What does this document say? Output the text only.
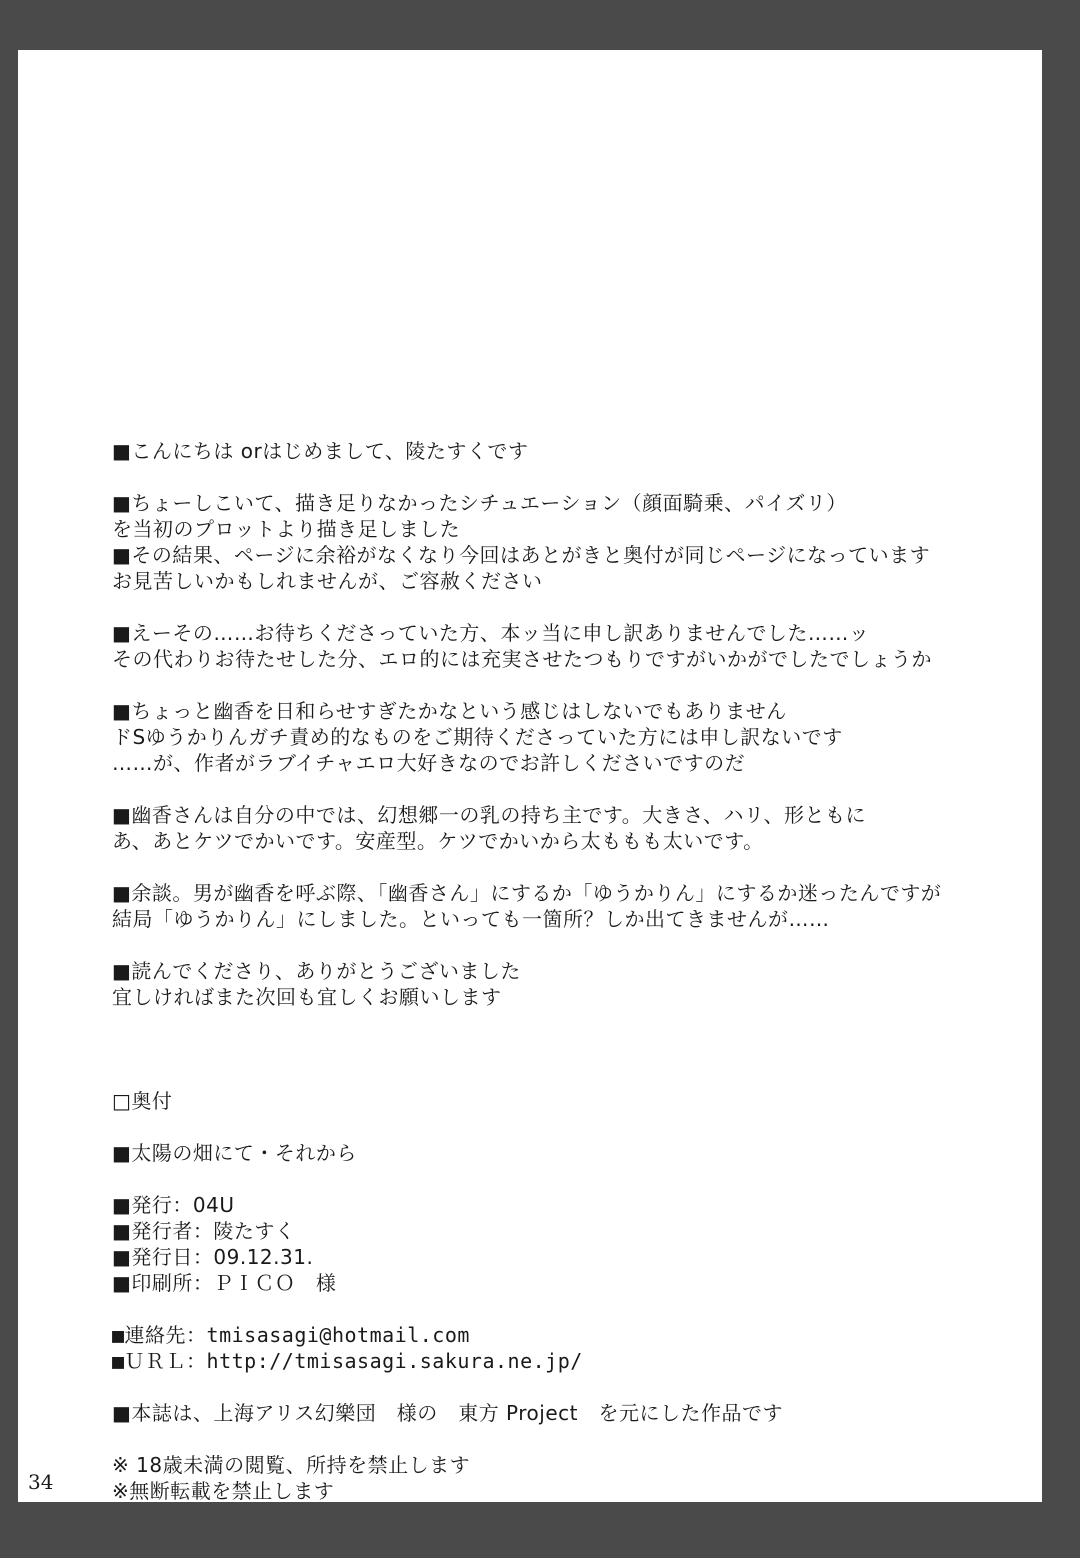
■こんにちは orはじめまして、陵たすくです
■ちょーしこいて、描き足りなかったシチュエーション（顔面騎乗、パイズリ）
を当初のプロットより描き足しました
■その結果、ページに余裕がなくなり今回はあとがきと奥付が同じページになっています
お見苦しいかもしれませんが、ご容赦ください
■えーその……お待ちくださっていた方、本ッ当に申し訳ありませんでした……ッ
その代わりお待たせした分、エロ的には充実させたつもりですがいかがでしたでしょうか
■ちょっと幽香を日和らせすぎたかなという感じはしないでもありません
ドSゆうかりんガチ責め的なものをご期待くださっていた方には申し訳ないです
……が、作者がラブイチャエロ大好きなのでお許しくださいですのだ
■幽香さんは自分の中では、幻想郷一の乳の持ち主です。大きさ、ハリ、形ともに
あ、あとケツでかいです。安産型。ケツでかいから太ももも太いです。
■余談。男が幽香を呼ぶ際、「幽香さん」にするか「ゆうかりん」にするか迷ったんですが
結局「ゆうかりん」にしました。といっても一箇所？しか出てきませんが……
■読んでくださり、ありがとうございました
宜しければまた次回も宜しくお願いします
□奥付
■太陽の畑にて・それから
■発行：04U
■発行者：陵たすく
■発行日：09.12.31.
■印刷所：ＰＩＣＯ　様
■連絡先：tmisasagi@hotmail.com
■ＵＲＬ：http://tmisasagi.sakura.ne.jp/
■本誌は、上海アリス幻樂団　様の　東方 Project　を元にした作品です
※ 18歳未満の閲覧、所持を禁止します
※無断転載を禁止します
34
